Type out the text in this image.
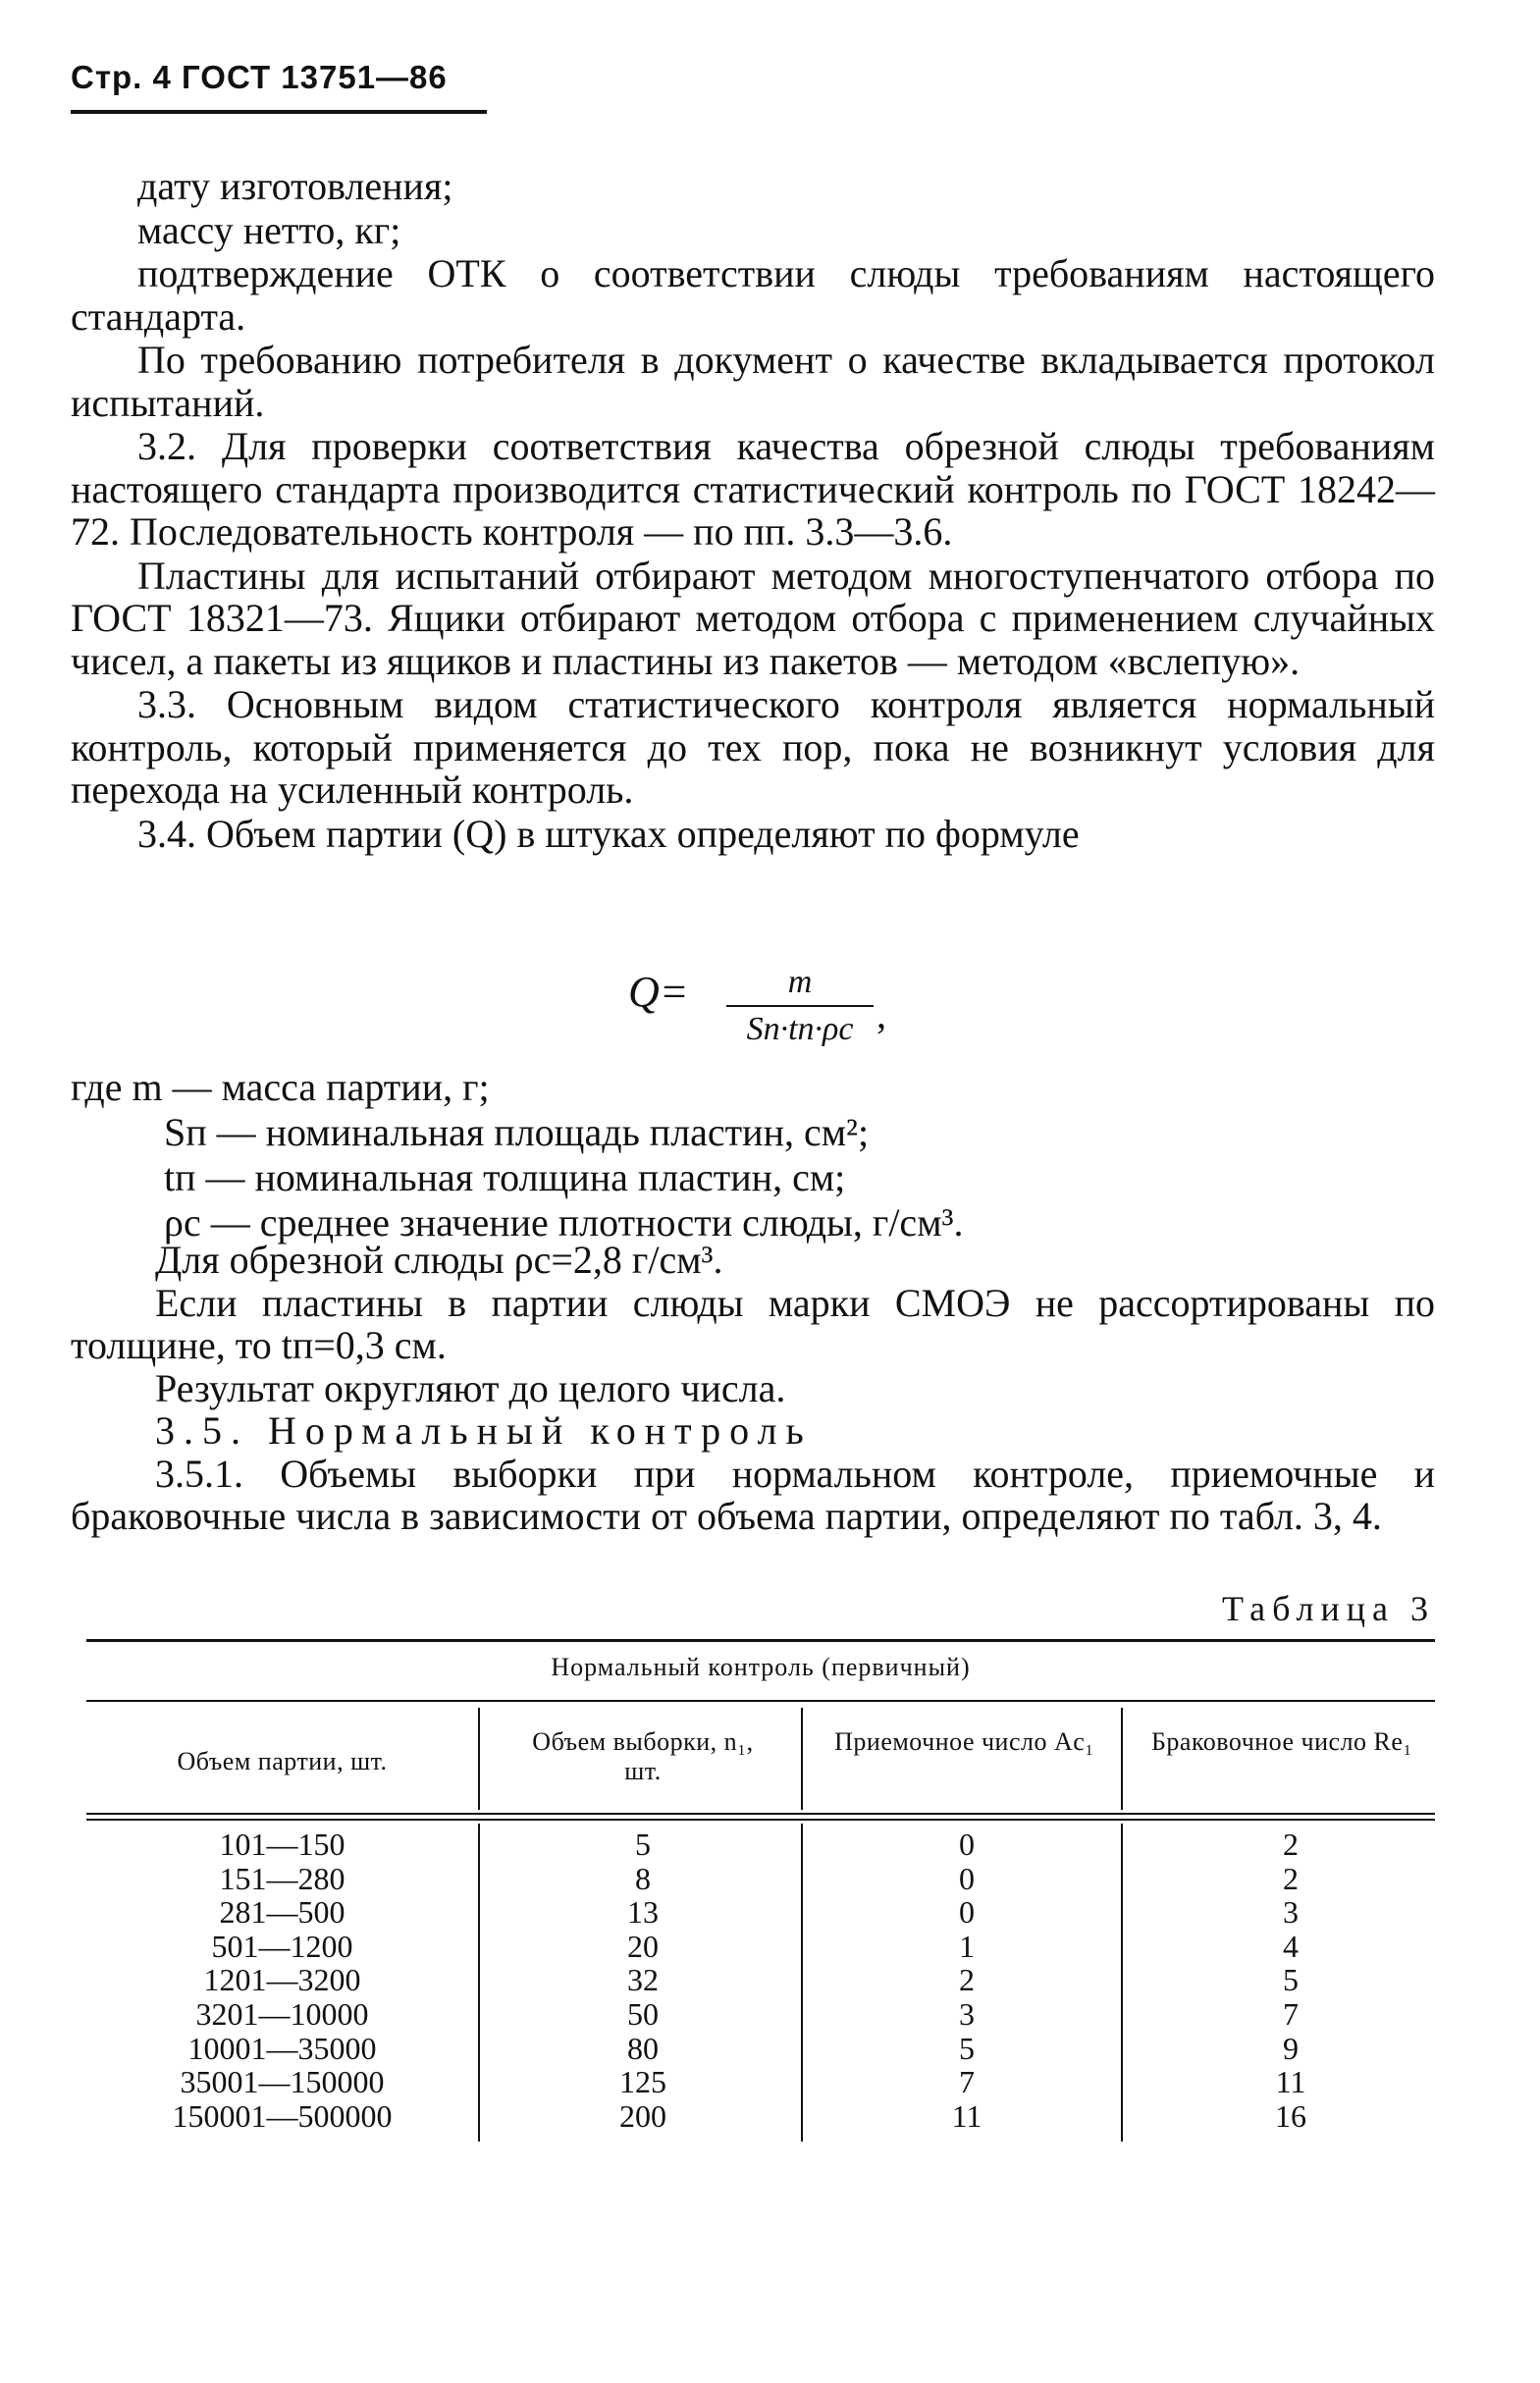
Стр. 4 ГОСТ 13751—86

дату изготовления;

массу нетто, кг;

подтверждение ОТК о соответствии слюды требованиям настоящего стандарта.

По требованию потребителя в документ о качестве вкладывается протокол испытаний.

3.2. Для проверки соответствия качества обрезной слюды требованиям настоящего стандарта производится статистический контроль по ГОСТ 18242—72. Последовательность контроля — по пп. 3.3—3.6.

Пластины для испытаний отбирают методом многоступенчатого отбора по ГОСТ 18321—73. Ящики отбирают методом отбора с применением случайных чисел, а пакеты из ящиков и пластины из пакетов — методом «вслепую».

3.3. Основным видом статистического контроля является нормальный контроль, который применяется до тех пор, пока не возникнут условия для перехода на усиленный контроль.

3.4. Объем партии (Q) в штуках определяют по формуле

Q=	m
Sп·tп·ρc ,
где m — масса партии, г;
Sп — номинальная площадь пластин, см²;
tп — номинальная толщина пластин, см;
ρc — среднее значение плотности слюды, г/см³.

Для обрезной слюды ρc=2,8 г/см³.

Если пластины в партии слюды марки СМОЭ не рассортированы по толщине, то tп=0,3 см.

Результат округляют до целого числа.

3.5. Нормальный контроль

3.5.1. Объемы выборки при нормальном контроле, приемочные и браковочные числа в зависимости от объема партии, определяют по табл. 3, 4.

Таблица 3
Нормальный контроль (первичный)
Объем партии, шт.
Объем выборки, n₁, шт.
Приемочное число Ac₁	Браковочное число Re₁
101—150
151—280
281—500
501—1200
1201—3200
3201—10000
10001—35000
35001—150000
150001—500000
5
8
13
20
32
50
80
125
200
0
0
0
1
2
3
5
7
11
2
2
3
4
5
7
9
11
16
